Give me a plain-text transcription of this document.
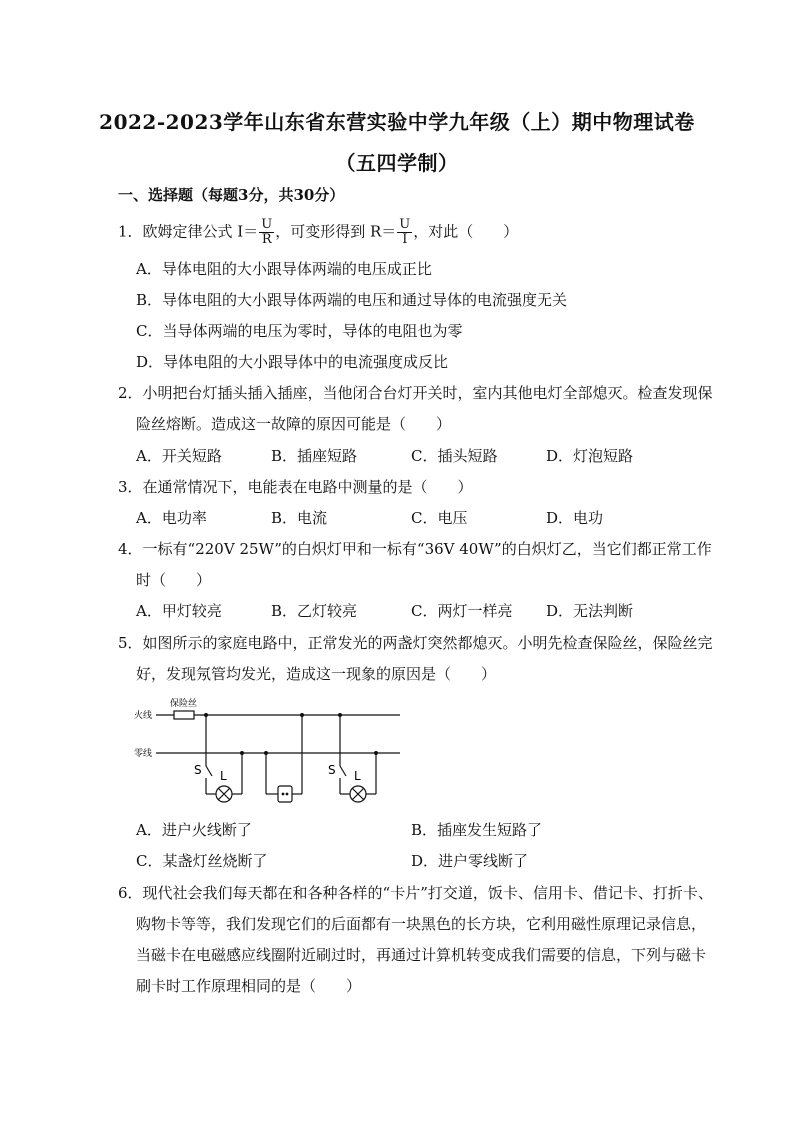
2022-2023学年山东省东营实验中学九年级（上）期中物理试卷
（五四学制）
一、选择题（每题3分，共30分）
1．欧姆定律公式 $I= \frac{U}{R}$ ，可变形得到 $R= \frac{U}{I}$ ，对此（　　）
A．导体电阻的大小跟导体两端的电压成正比
B．导体电阻的大小跟导体两端的电压和通过导体的电流强度无关
C．当导体两端的电压为零时，导体的电阻也为零
D．导体电阻的大小跟导体中的电流强度成反比
2．小明把台灯插头插入插座，当他闭合台灯开关时，室内其他电灯全部熄灭。检查发现保
险丝熔断。造成这一故障的原因可能是（　　）
A．开关短路	B．插座短路	C．插头短路	D．灯泡短路
3．在通常情况下，电能表在电路中测量的是（　　）
A．电功率	B．电流	C．电压	D．电功
4．一标有“220V 25W”的白炽灯甲和一标有“36V 40W”的白炽灯乙，当它们都正常工作
时（　　）
A．甲灯较亮	B．乙灯较亮	C．两灯一样亮 D．无法判断
5．如图所示的家庭电路中，正常发光的两盏灯突然都熄灭。小明先检查保险丝，保险丝完
好，发现氖管均发光，造成这一现象的原因是（　　）
火线
零线
保险丝
S L	S L
A．进户火线断了	B．插座发生短路了
C．某盏灯丝烧断了	D．进户零线断了
6．现代社会我们每天都在和各种各样的“卡片”打交道，饭卡、信用卡、借记卡、打折卡、
购物卡等等，我们发现它们的后面都有一块黑色的长方块，它利用磁性原理记录信息，
当磁卡在电磁感应线圈附近刷过时，再通过计算机转变成我们需要的信息，下列与磁卡
刷卡时工作原理相同的是（　　）
